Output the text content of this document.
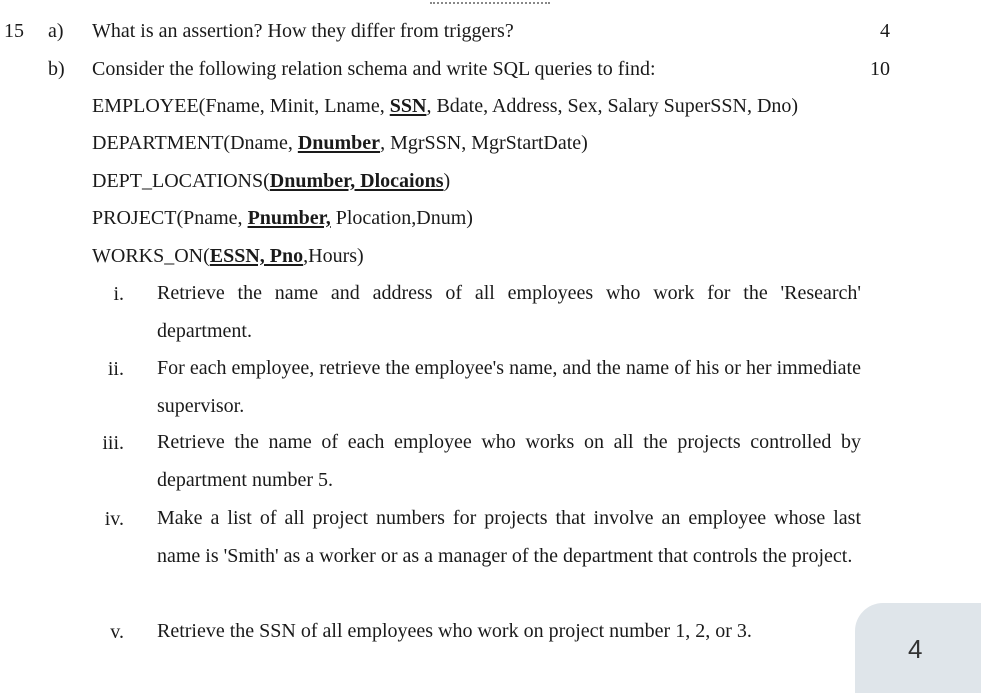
15 a) What is an assertion? How they differ from triggers?	4
b) Consider the following relation schema and write SQL queries to find:	10
EMPLOYEE(Fname, Minit, Lname, SSN, Bdate, Address, Sex, Salary SuperSSN, Dno)
DEPARTMENT(Dname, Dnumber, MgrSSN, MgrStartDate)
DEPT_LOCATIONS(Dnumber, Dlocaions)
PROJECT(Pname, Pnumber, Plocation,Dnum)
WORKS_ON(ESSN, Pno,Hours)
i. Retrieve the name and address of all employees who work for the 'Research' department.
ii. For each employee, retrieve the employee's name, and the name of his or her immediate supervisor.
iii. Retrieve the name of each employee who works on all the projects controlled by department number 5.
iv. Make a list of all project numbers for projects that involve an employee whose last name is 'Smith' as a worker or as a manager of the department that controls the project.
v. Retrieve the SSN of all employees who work on project number 1, 2, or 3.
4
